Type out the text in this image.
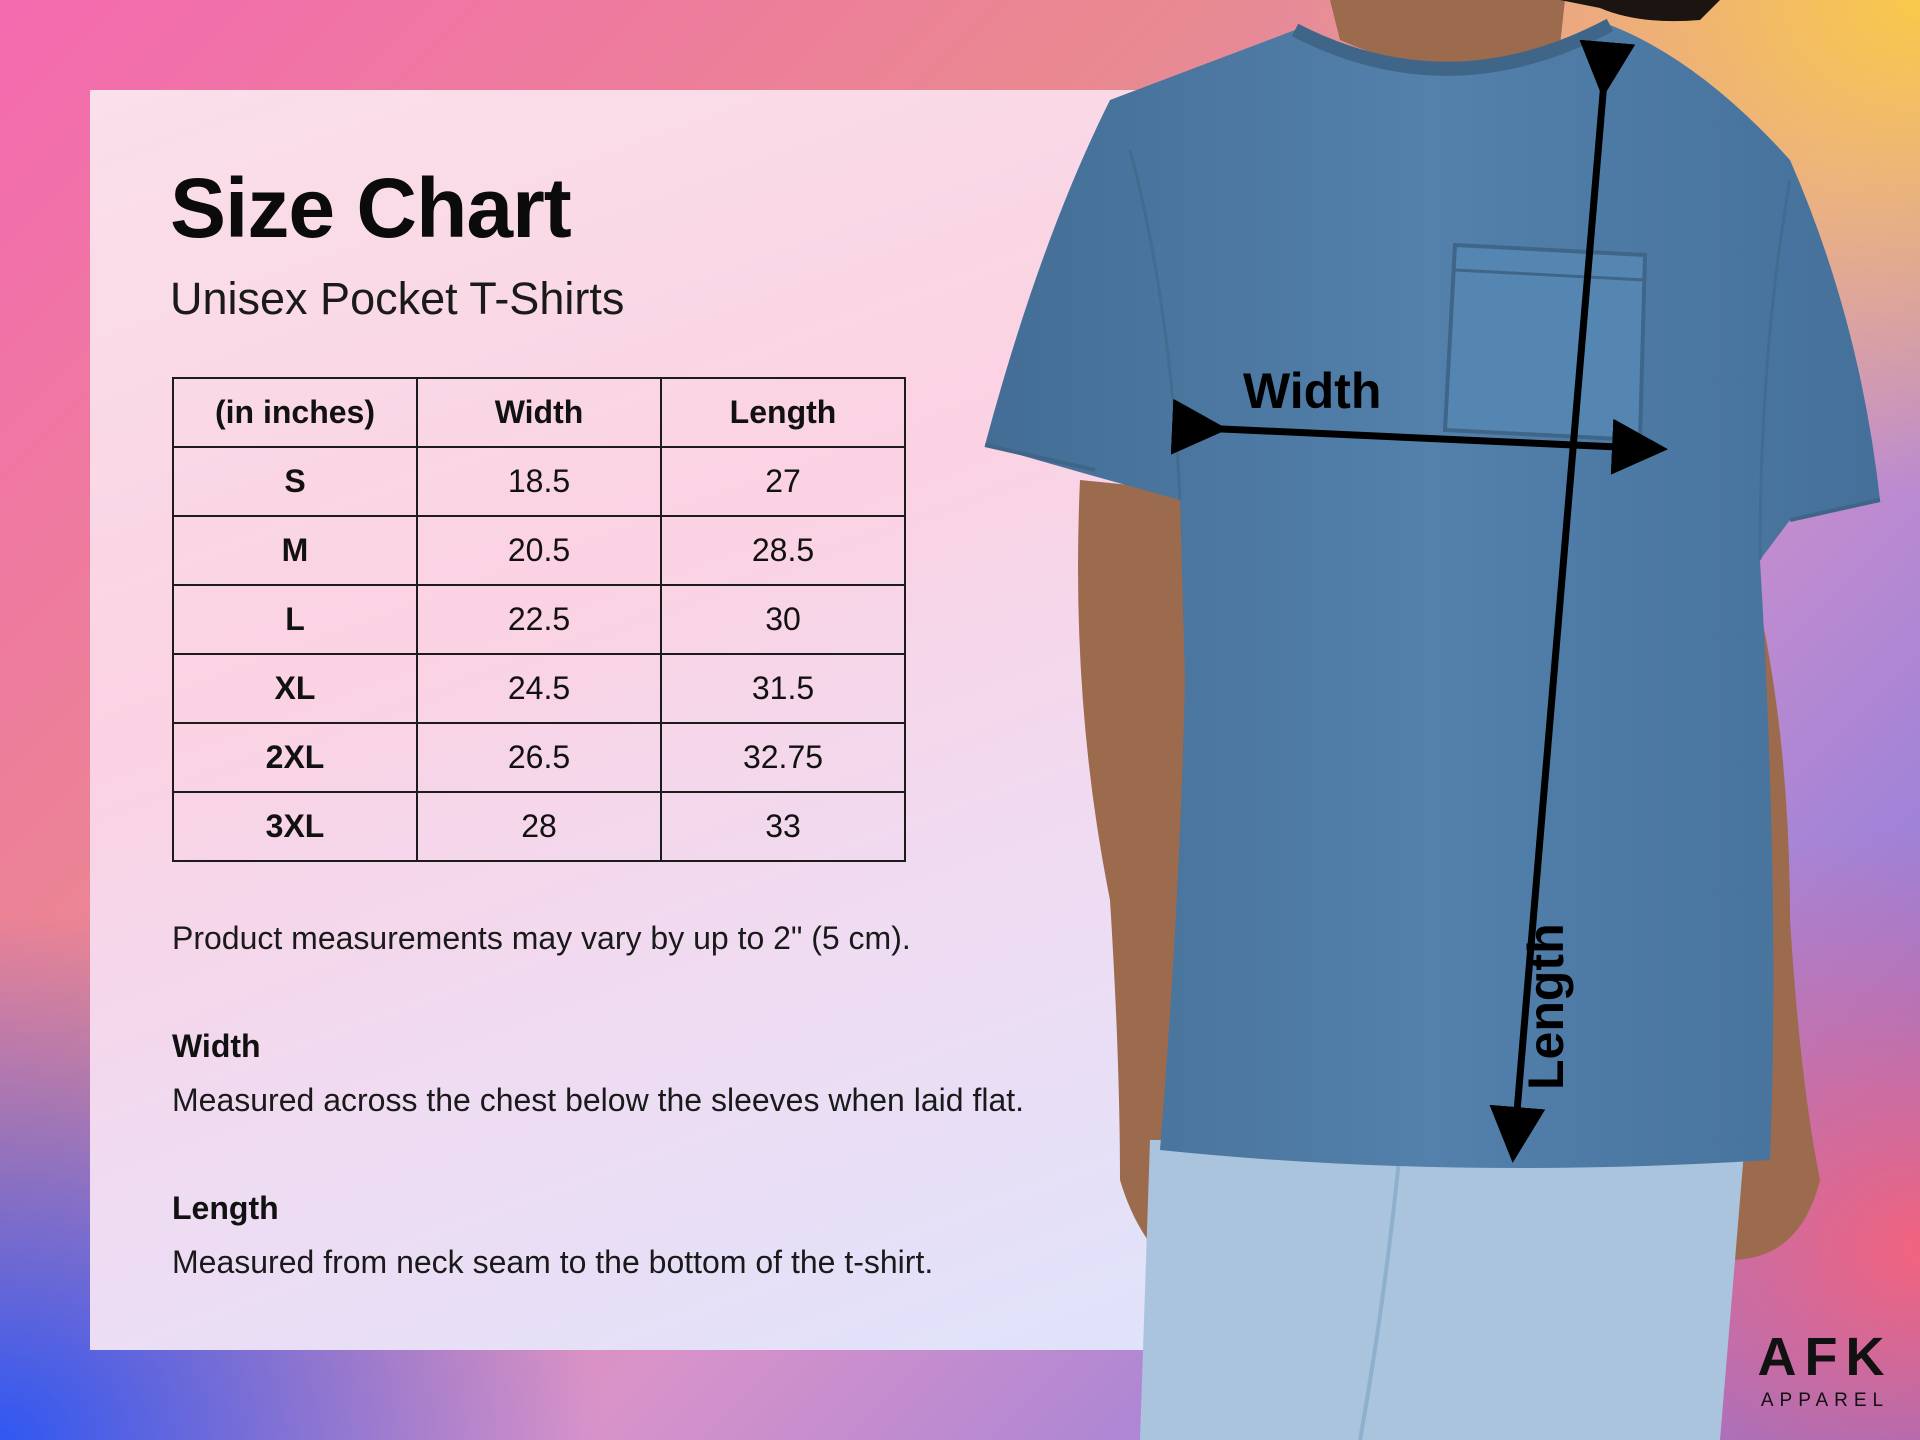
Size Chart

Unisex Pocket T-Shirts

(in inches)	Width	Length
S	18.5	27
M	20.5	28.5
L	22.5	30
XL	24.5	31.5
2XL	26.5	32.75
3XL	28	33

Product measurements may vary by up to 2" (5 cm).

Width

Measured across the chest below the sleeves when laid flat.

Length

Measured from neck seam to the bottom of the t-shirt.

Width
Length
AFK
APPAREL
